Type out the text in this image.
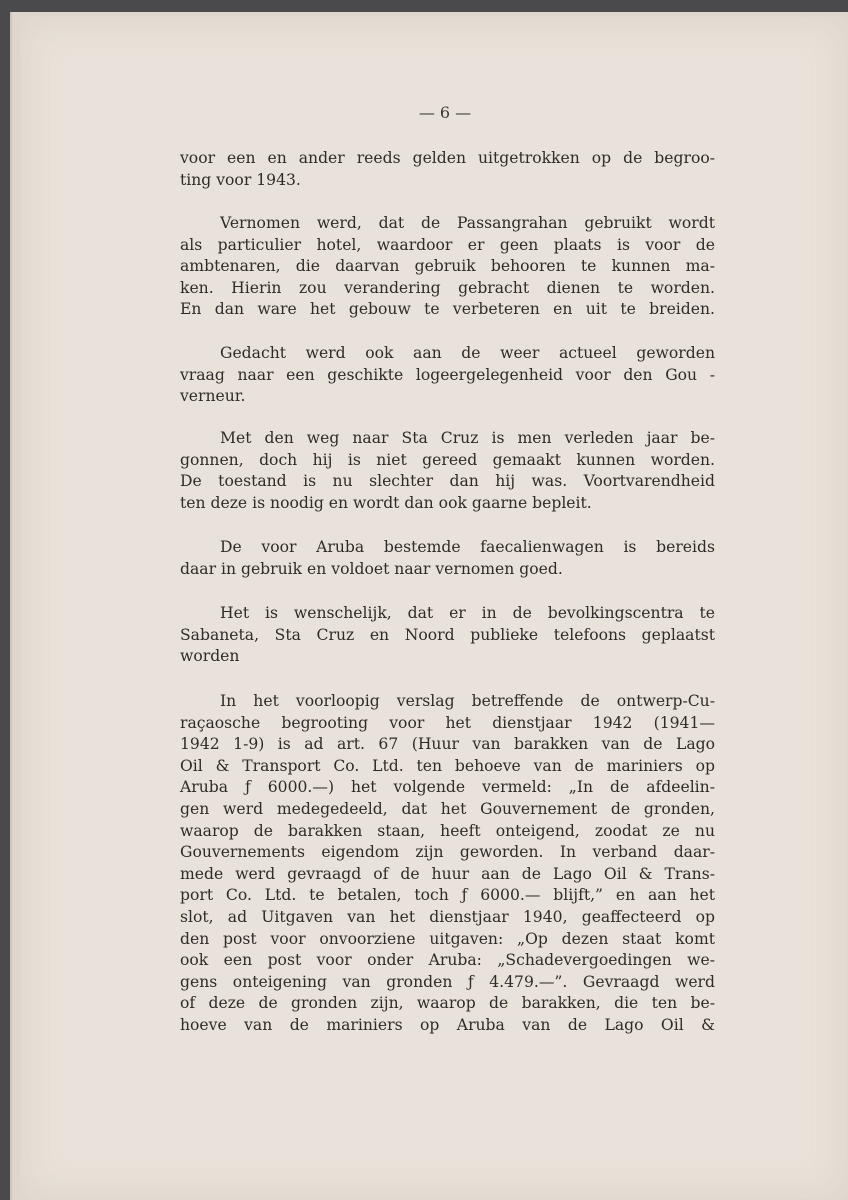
— 6 —

voor een en ander reeds gelden uitgetrokken op de begroo-
ting voor 1943.

Vernomen werd, dat de Passangrahan gebruikt wordt
als particulier hotel, waardoor er geen plaats is voor de
ambtenaren, die daarvan gebruik behooren te kunnen ma-
ken. Hierin zou verandering gebracht dienen te worden.
En dan ware het gebouw te verbeteren en uit te breiden.

Gedacht werd ook aan de weer actueel geworden
vraag naar een geschikte logeergelegenheid voor den Gou -
verneur.

Met den weg naar Sta Cruz is men verleden jaar be-
gonnen, doch hij is niet gereed gemaakt kunnen worden.
De toestand is nu slechter dan hij was. Voortvarendheid
ten deze is noodig en wordt dan ook gaarne bepleit.

De voor Aruba bestemde faecalienwagen is bereids
daar in gebruik en voldoet naar vernomen goed.

Het is wenschelijk, dat er in de bevolkingscentra te
Sabaneta, Sta Cruz en Noord publieke telefoons geplaatst
worden

In het voorloopig verslag betreffende de ontwerp-Cu-
raçaosche begrooting voor het dienstjaar 1942 (1941—
1942 1-9) is ad art. 67 (Huur van barakken van de Lago
Oil & Transport Co. Ltd. ten behoeve van de mariniers op
Aruba ƒ 6000.—) het volgende vermeld: „In de afdeelin-
gen werd medegedeeld, dat het Gouvernement de gronden,
waarop de barakken staan, heeft onteigend, zoodat ze nu
Gouvernements eigendom zijn geworden. In verband daar-
mede werd gevraagd of de huur aan de Lago Oil & Trans-
port Co. Ltd. te betalen, toch ƒ 6000.— blijft,” en aan het
slot, ad Uitgaven van het dienstjaar 1940, geaffecteerd op
den post voor onvoorziene uitgaven: „Op dezen staat komt
ook een post voor onder Aruba: „Schadevergoedingen we-
gens onteigening van gronden ƒ 4.479.—”. Gevraagd werd
of deze de gronden zijn, waarop de barakken, die ten be-
hoeve van de mariniers op Aruba van de Lago Oil &
